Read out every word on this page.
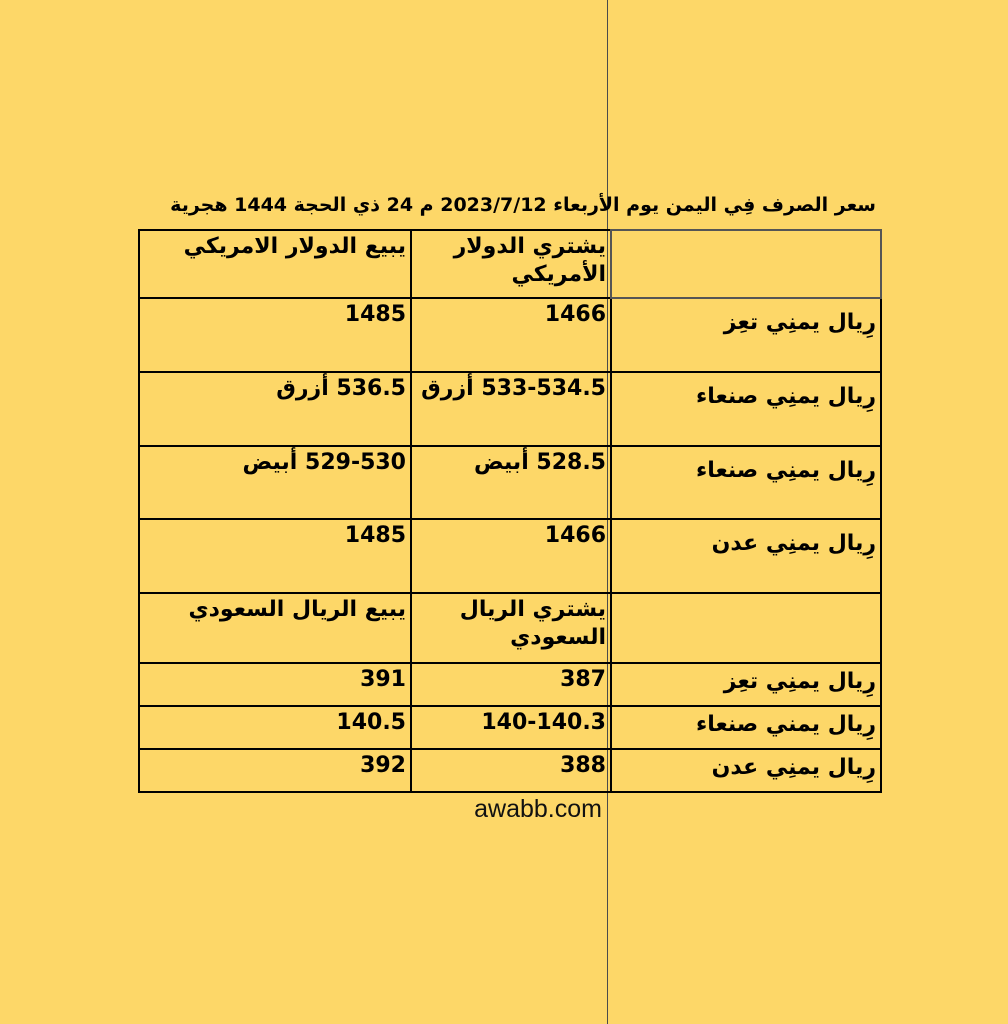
سعر الصرف فِي اليمن يوم الأربعاء 2023/7/12 م 24 ذي الحجة 1444 هجرية
	يشتري الدولار الأمريكي	يبيع الدولار الامريكي
رِيال يمنِي تعِز	1466	1485
رِيال يمنِي صنعاء	533-534.5 أزرق	536.5 أزرق
رِيال يمنِي صنعاء	528.5 أبيض	529-530 أبيض
رِيال يمنِي عدن	1466	1485
	يشتري الريال السعودي	يبيع الريال السعودي
رِيال يمنِي تعِز	387	391
رِيال يمني صنعاء	140-140.3	140.5
رِيال يمنِي عدن	388	392
awabb.com
